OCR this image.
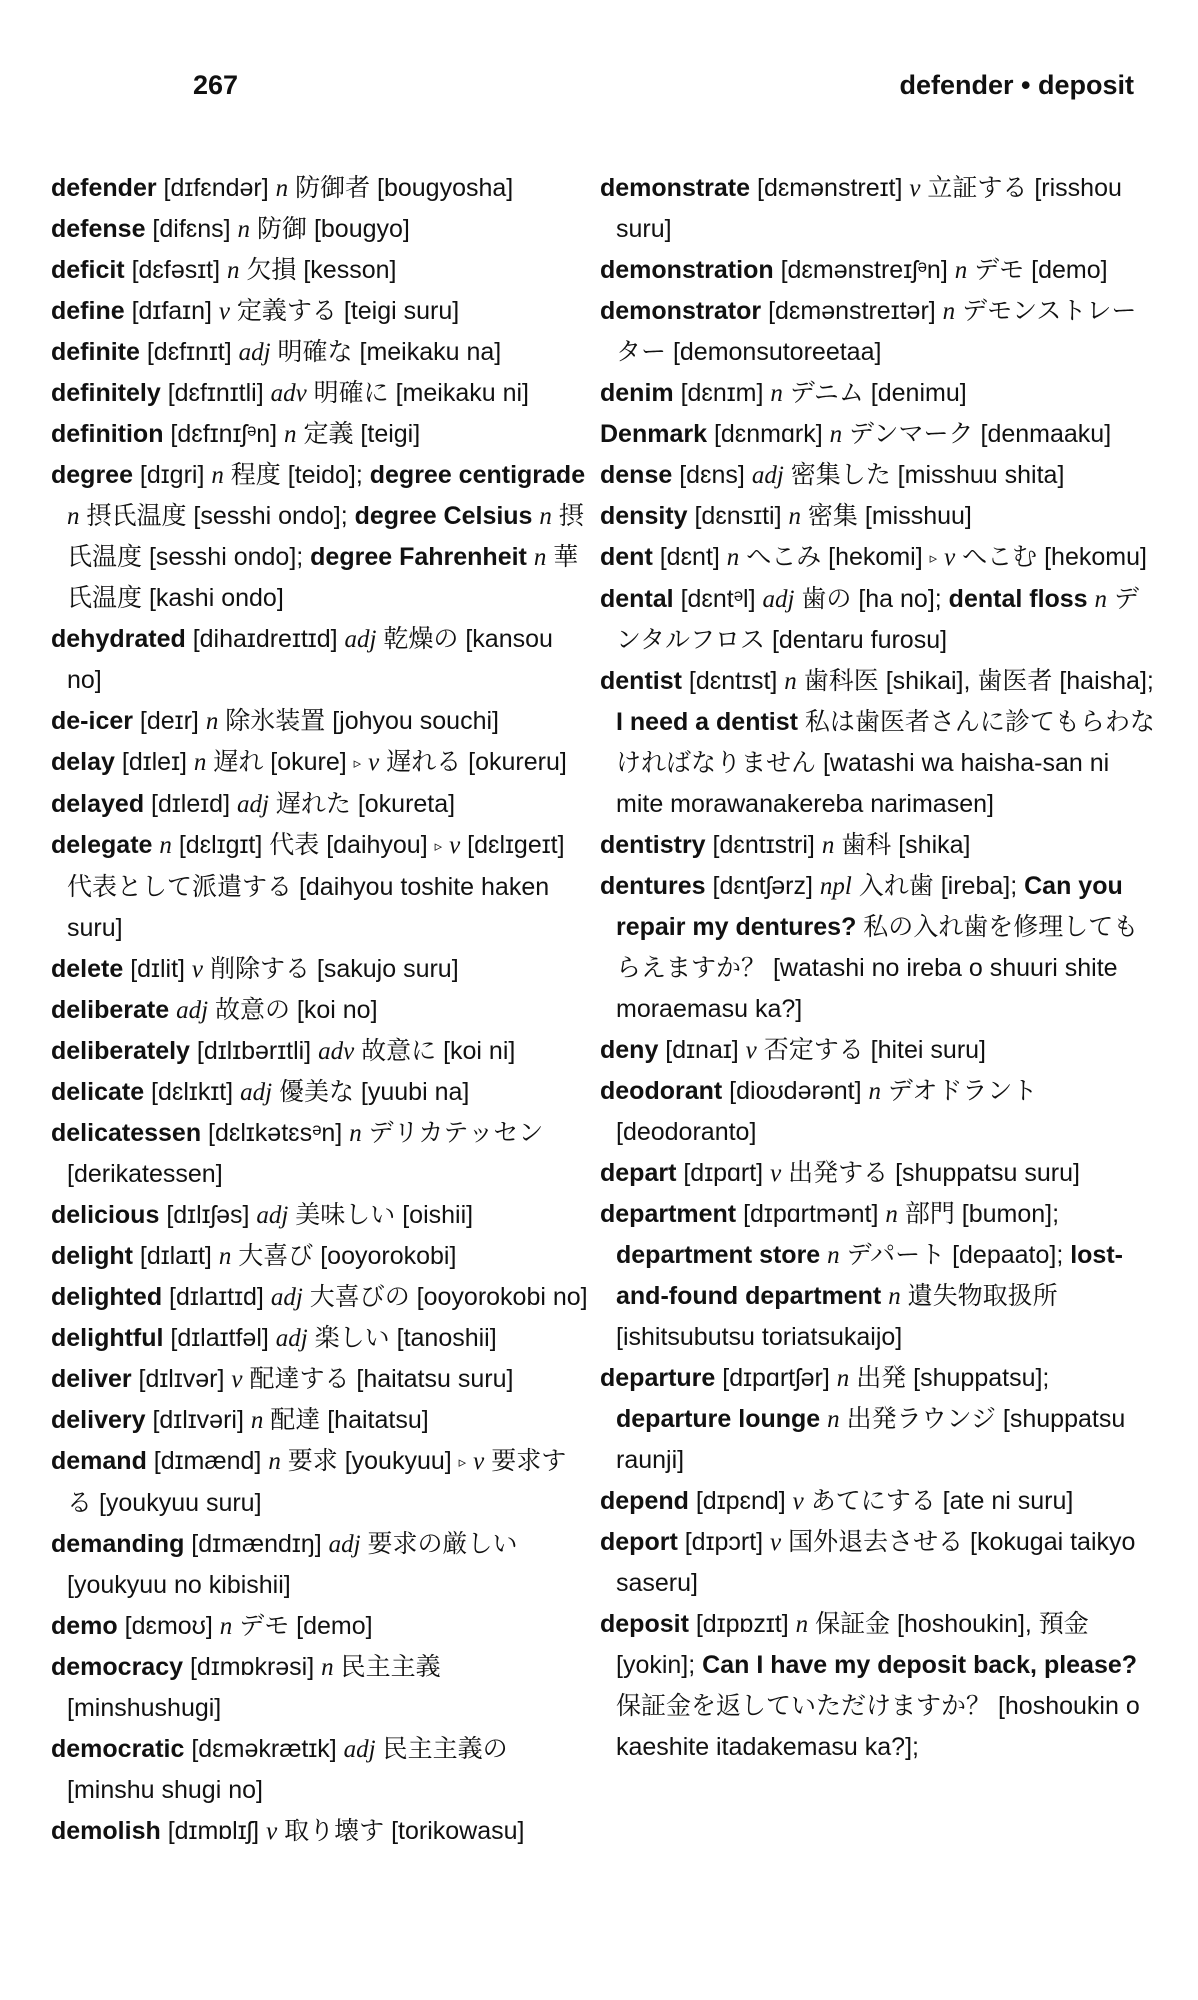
267	defender • deposit
defender [dɪfɛndər] n 防御者 [bougyosha]
defense [difɛns] n 防御 [bougyo]
deficit [dɛfəsɪt] n 欠損 [kesson]
define [dɪfaɪn] v 定義する [teigi suru]
definite [dɛfɪnɪt] adj 明確な [meikaku na]
definitely [dɛfɪnɪtli] adv 明確に [meikaku ni]
definition [dɛfɪnɪʃᵊn] n 定義 [teigi]
degree [dɪgri] n 程度 [teido]; degree centigrade n 摂氏温度 [sesshi ondo]; degree Celsius n 摂氏温度 [sesshi ondo]; degree Fahrenheit n 華氏温度 [kashi ondo]
dehydrated [dihaɪdreɪtɪd] adj 乾燥の [kansou no]
de-icer [deɪr] n 除氷装置 [johyou souchi]
delay [dɪleɪ] n 遅れ [okure] ▹ v 遅れる [okureru]
delayed [dɪleɪd] adj 遅れた [okureta]
delegate n [dɛlɪgɪt] 代表 [daihyou] ▹ v [dɛlɪgeɪt] 代表として派遣する [daihyou toshite haken suru]
delete [dɪlit] v 削除する [sakujo suru]
deliberate adj 故意の [koi no]
deliberately [dɪlɪbərɪtli] adv 故意に [koi ni]
delicate [dɛlɪkɪt] adj 優美な [yuubi na]
delicatessen [dɛlɪkətɛsᵊn] n デリカテッセン [derikatessen]
delicious [dɪlɪʃəs] adj 美味しい [oishii]
delight [dɪlaɪt] n 大喜び [ooyorokobi]
delighted [dɪlaɪtɪd] adj 大喜びの [ooyorokobi no]
delightful [dɪlaɪtfəl] adj 楽しい [tanoshii]
deliver [dɪlɪvər] v 配達する [haitatsu suru]
delivery [dɪlɪvəri] n 配達 [haitatsu]
demand [dɪmænd] n 要求 [youkyuu] ▹ v 要求する [youkyuu suru]
demanding [dɪmændɪŋ] adj 要求の厳しい [youkyuu no kibishii]
demo [dɛmoʊ] n デモ [demo]
democracy [dɪmɒkrəsi] n 民主主義 [minshushugi]
democratic [dɛməkrætɪk] adj 民主主義の [minshu shugi no]
demolish [dɪmɒlɪʃ] v 取り壊す [torikowasu]
demonstrate [dɛmənstreɪt] v 立証する [risshou suru]
demonstration [dɛmənstreɪʃᵊn] n デモ [demo]
demonstrator [dɛmənstreɪtər] n デモンストレーター [demonsutoreetaa]
denim [dɛnɪm] n デニム [denimu]
Denmark [dɛnmɑrk] n デンマーク [denmaaku]
dense [dɛns] adj 密集した [misshuu shita]
density [dɛnsɪti] n 密集 [misshuu]
dent [dɛnt] n へこみ [hekomi] ▹ v へこむ [hekomu]
dental [dɛntᵊl] adj 歯の [ha no]; dental floss n デンタルフロス [dentaru furosu]
dentist [dɛntɪst] n 歯科医 [shikai], 歯医者 [haisha]; I need a dentist 私は歯医者さんに診てもらわなければなりません [watashi wa haisha-san ni mite morawanakereba narimasen]
dentistry [dɛntɪstri] n 歯科 [shika]
dentures [dɛntʃərz] npl 入れ歯 [ireba]; Can you repair my dentures? 私の入れ歯を修理してもらえますか？ [watashi no ireba o shuuri shite moraemasu ka?]
deny [dɪnaɪ] v 否定する [hitei suru]
deodorant [dioʊdərənt] n デオドラント [deodoranto]
depart [dɪpɑrt] v 出発する [shuppatsu suru]
department [dɪpɑrtmənt] n 部門 [bumon]; department store n デパート [depaato]; lost-and-found department n 遺失物取扱所 [ishitsubutsu toriatsukaijo]
departure [dɪpɑrtʃər] n 出発 [shuppatsu]; departure lounge n 出発ラウンジ [shuppatsu raunji]
depend [dɪpɛnd] v あてにする [ate ni suru]
deport [dɪpɔrt] v 国外退去させる [kokugai taikyo saseru]
deposit [dɪpɒzɪt] n 保証金 [hoshoukin], 預金 [yokin]; Can I have my deposit back, please? 保証金を返していただけますか？ [hoshoukin o kaeshite itadakemasu ka?];
